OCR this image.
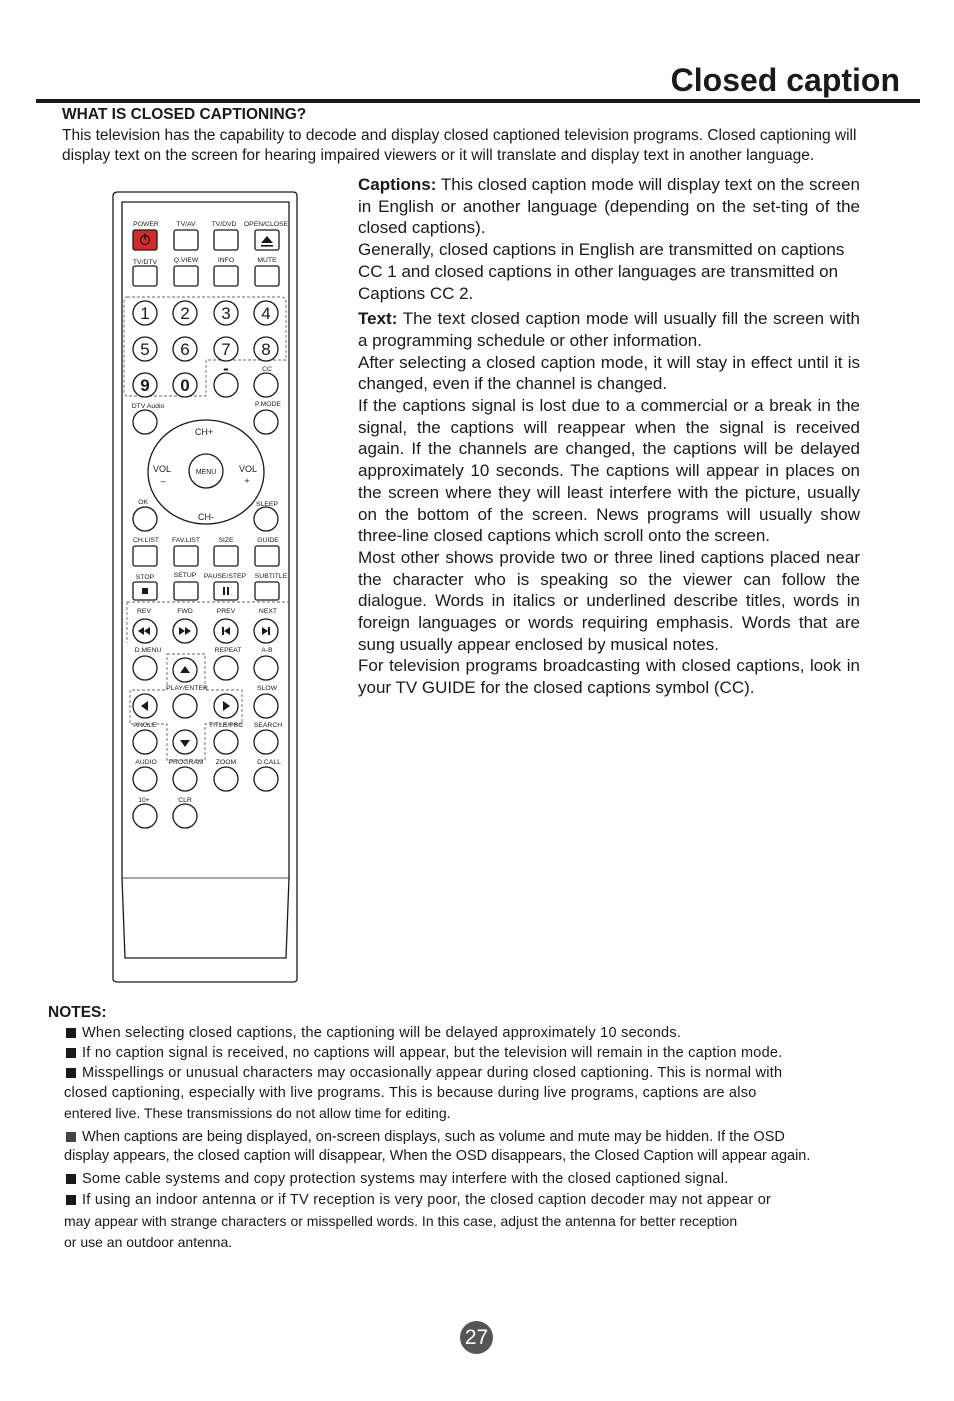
Closed caption
WHAT IS CLOSED CAPTIONING?

This television has the capability to decode and display closed captioned television programs. Closed captioning will display text on the screen for hearing impaired viewers or it will translate and display text in another language.

POWER	TV/AV TV/DVD OPEN/CLOSE
TV/DTV Q.VIEW	INFO	MUTE
CC
DTV Audio	P.MODE
OK	SLEEP
CH.LIST FAV.LIST	SIZE	GUIDE
STOP	SETUP PAUSE/STEP SUBTITLE
REV	FWD	PREV	NEXT
D.MENU	REPEAT	A-B
PLAY/ENTER	SLOW
ANGLE	TITLE/PBC SEARCH
AUDIO PROGRAM ZOOM	D.CALL
10+	CLR
CH+
CH-
VOL
–
VOL
+
MENU
1 2 3 4
5 6 7 8
9 0
-

Captions: This closed caption mode will display text on the screen in English or another language (depending on the set-ting of the closed captions).

Generally, closed captions in English are transmitted on captions CC 1 and closed captions in other languages are transmitted on Captions CC 2.

Text: The text closed caption mode will usually fill the screen with a programming schedule or other information.

After selecting a closed caption mode, it will stay in effect until it is changed, even if the channel is changed.

If the captions signal is lost due to a commercial or a break in the signal, the captions will reappear when the signal is received again. If the channels are changed, the captions will be delayed approximately 10 seconds. The captions will appear in places on the screen where they will least interfere with the picture, usually on the bottom of the screen. News programs will usually show three-line closed captions which scroll onto the screen.

Most other shows provide two or three lined captions placed near the character who is speaking so the viewer can follow the dialogue. Words in italics or underlined describe titles, words in foreign languages or words requiring emphasis. Words that are sung usually appear enclosed by musical notes.

For television programs broadcasting with closed captions, look in your TV GUIDE for the closed captions symbol (CC).

NOTES:
When selecting closed captions, the captioning will be delayed approximately 10 seconds.
If no caption signal is received, no captions will appear, but the television will remain in the caption mode.
Misspellings or unusual characters may occasionally appear during closed captioning. This is normal with
closed captioning, especially with live programs. This is because during live programs, captions are also
entered live. These transmissions do not allow time for editing.
When captions are being displayed, on-screen displays, such as volume and mute may be hidden. If the OSD
display appears, the closed caption will disappear, When the OSD disappears, the Closed Caption will appear again.
Some cable systems and copy protection systems may interfere with the closed captioned signal.
If using an indoor antenna or if TV reception is very poor, the closed caption decoder may not appear or
may appear with strange characters or misspelled words. In this case, adjust the antenna for better reception
or use an outdoor antenna.
27
